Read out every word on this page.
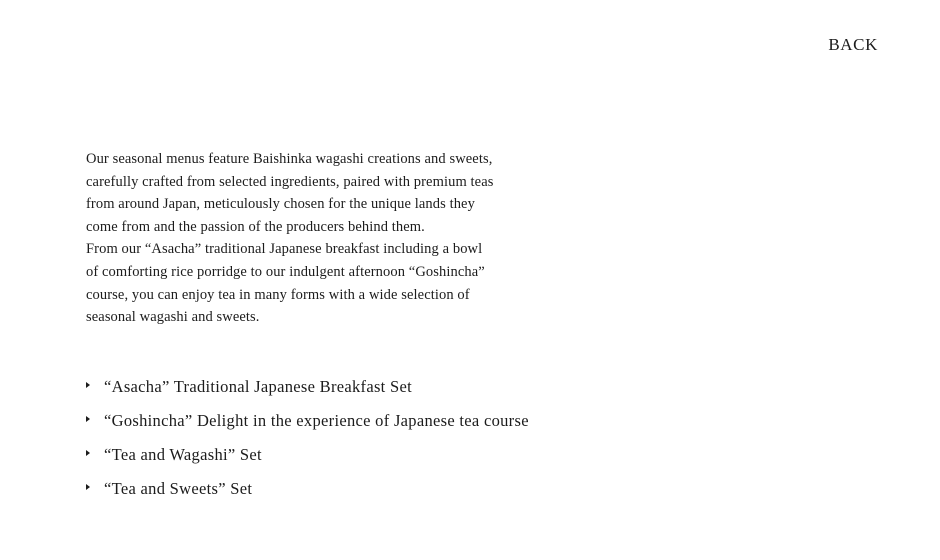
BACK

Our seasonal menus feature Baishinka wagashi creations and sweets,
carefully crafted from selected ingredients, paired with premium teas
from around Japan, meticulously chosen for the unique lands they
come from and the passion of the producers behind them.
From our “Asacha” traditional Japanese breakfast including a bowl
of comforting rice porridge to our indulgent afternoon “Goshincha”
course, you can enjoy tea in many forms with a wide selection of
seasonal wagashi and sweets.

“Asacha” Traditional Japanese Breakfast Set
“Goshincha” Delight in the experience of Japanese tea course
“Tea and Wagashi” Set
“Tea and Sweets” Set
